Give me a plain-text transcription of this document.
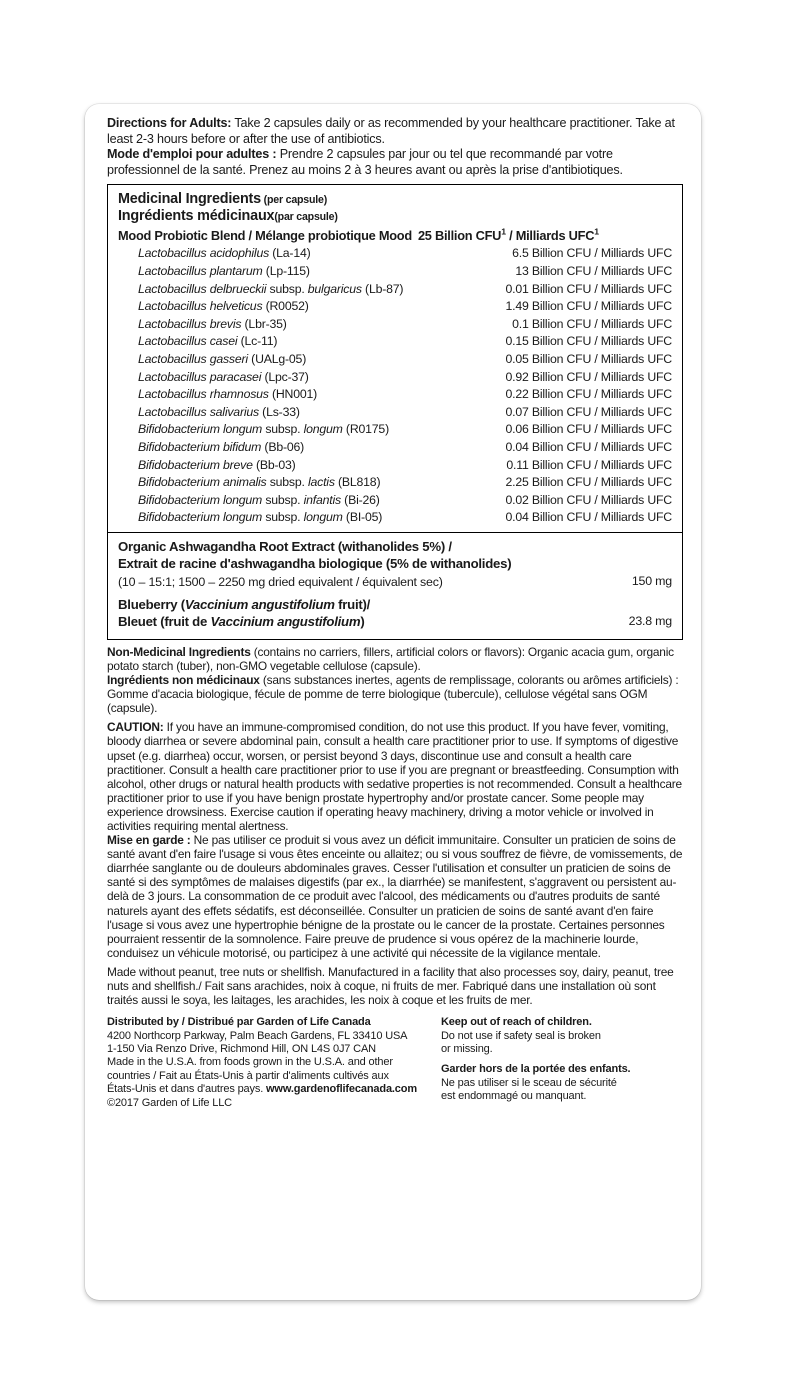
Directions for Adults: Take 2 capsules daily or as recommended by your healthcare practitioner. Take at least 2-3 hours before or after the use of antibiotics.
Mode d'emploi pour adultes : Prendre 2 capsules par jour ou tel que recommandé par votre professionnel de la santé. Prenez au moins 2 à 3 heures avant ou après la prise d'antibiotiques.
Medicinal Ingredients (per capsule)
Ingrédients médicinaux(par capsule)
Mood Probiotic Blend / Mélange probiotique Mood 25 Billion CFU$^1$ / Milliards UFC$^1$
Lactobacillus acidophilus (La-14)	6.5 Billion CFU / Milliards UFC
Lactobacillus plantarum (Lp-115)	13 Billion CFU / Milliards UFC
Lactobacillus delbrueckii subsp. bulgaricus (Lb-87)	0.01 Billion CFU / Milliards UFC
Lactobacillus helveticus (R0052)	1.49 Billion CFU / Milliards UFC
Lactobacillus brevis (Lbr-35)	0.1 Billion CFU / Milliards UFC
Lactobacillus casei (Lc-11)	0.15 Billion CFU / Milliards UFC
Lactobacillus gasseri (UALg-05)	0.05 Billion CFU / Milliards UFC
Lactobacillus paracasei (Lpc-37)	0.92 Billion CFU / Milliards UFC
Lactobacillus rhamnosus (HN001)	0.22 Billion CFU / Milliards UFC
Lactobacillus salivarius (Ls-33)	0.07 Billion CFU / Milliards UFC
Bifidobacterium longum subsp. longum (R0175)	0.06 Billion CFU / Milliards UFC
Bifidobacterium bifidum (Bb-06)	0.04 Billion CFU / Milliards UFC
Bifidobacterium breve (Bb-03)	0.11 Billion CFU / Milliards UFC
Bifidobacterium animalis subsp. lactis (BL818)	2.25 Billion CFU / Milliards UFC
Bifidobacterium longum subsp. infantis (Bi-26)	0.02 Billion CFU / Milliards UFC
Bifidobacterium longum subsp. longum (BI-05)	0.04 Billion CFU / Milliards UFC
Organic Ashwagandha Root Extract (withanolides 5%) /
Extrait de racine d'ashwagandha biologique (5% de withanolides)
(10 – 15:1; 1500 – 2250 mg dried equivalent / équivalent sec)	150 mg
Blueberry (Vaccinium angustifolium fruit)/
Bleuet (fruit de Vaccinium angustifolium)	23.8 mg
Non-Medicinal Ingredients (contains no carriers, fillers, artificial colors or flavors): Organic acacia gum, organic potato starch (tuber), non-GMO vegetable cellulose (capsule).
Ingrédients non médicinaux (sans substances inertes, agents de remplissage, colorants ou arômes artificiels) : Gomme d'acacia biologique, fécule de pomme de terre biologique (tubercule), cellulose végétal sans OGM (capsule).
CAUTION: If you have an immune-compromised condition, do not use this product. If you have fever, vomiting, bloody diarrhea or severe abdominal pain, consult a health care practitioner prior to use. If symptoms of digestive upset (e.g. diarrhea) occur, worsen, or persist beyond 3 days, discontinue use and consult a health care practitioner. Consult a health care practitioner prior to use if you are pregnant or breastfeeding. Consumption with alcohol, other drugs or natural health products with sedative properties is not recommended. Consult a healthcare practitioner prior to use if you have benign prostate hypertrophy and/or prostate cancer. Some people may experience drowsiness. Exercise caution if operating heavy machinery, driving a motor vehicle or involved in activities requiring mental alertness.
Mise en garde : Ne pas utiliser ce produit si vous avez un déficit immunitaire. Consulter un praticien de soins de santé avant d'en faire l'usage si vous êtes enceinte ou allaitez; ou si vous souffrez de fièvre, de vomissements, de diarrhée sanglante ou de douleurs abdominales graves. Cesser l'utilisation et consulter un praticien de soins de santé si des symptômes de malaises digestifs (par ex., la diarrhée) se manifestent, s'aggravent ou persistent au-delà de 3 jours. La consommation de ce produit avec l'alcool, des médicaments ou d'autres produits de santé naturels ayant des effets sédatifs, est déconseillée. Consulter un praticien de soins de santé avant d'en faire l'usage si vous avez une hypertrophie bénigne de la prostate ou le cancer de la prostate. Certaines personnes pourraient ressentir de la somnolence. Faire preuve de prudence si vous opérez de la machinerie lourde, conduisez un véhicule motorisé, ou participez à une activité qui nécessite de la vigilance mentale.
Made without peanut, tree nuts or shellfish. Manufactured in a facility that also processes soy, dairy, peanut, tree nuts and shellfish./ Fait sans arachides, noix à coque, ni fruits de mer. Fabriqué dans une installation où sont traités aussi le soya, les laitages, les arachides, les noix à coque et les fruits de mer.
Distributed by / Distribué par Garden of Life Canada
4200 Northcorp Parkway, Palm Beach Gardens, FL 33410 USA
1-150 Via Renzo Drive, Richmond Hill, ON L4S 0J7 CAN
Made in the U.S.A. from foods grown in the U.S.A. and other
countries / Fait au États-Unis à partir d'aliments cultivés aux
États-Unis et dans d'autres pays. www.gardenoflifecanada.com
©2017 Garden of Life LLC
Keep out of reach of children.
Do not use if safety seal is broken
or missing.
Garder hors de la portée des enfants.
Ne pas utiliser si le sceau de sécurité
est endommagé ou manquant.
